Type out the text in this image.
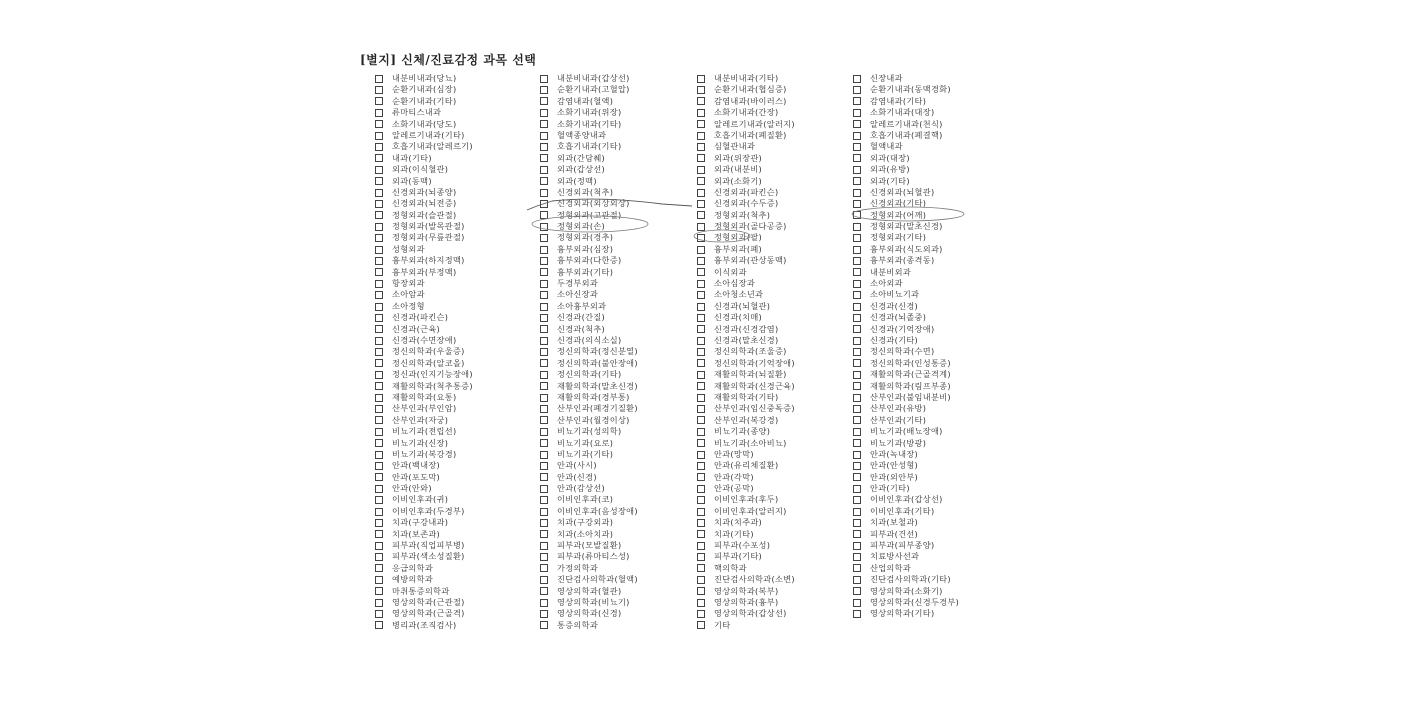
[별지] 신체/진료감정 과목 선택
내분비내과(당뇨)
순환기내과(심장)
순환기내과(기타)
류마티스내과
소화기내과(당도)
알레르기내과(기타)
호흡기내과(알레르기)
내과(기타)
외과(이식혈관)
외과(동맥)
신경외과(뇌종양)
신경외과(뇌전증)
정형외과(슬관절)
정형외과(발목관절)
정형외과(무릎관절)
성형외과
흉부외과(하지정맥)
흉부외과(부정맥)
항장외과
소아암과
소아정형
신경과(파킨슨)
신경과(근육)
신경과(수면장애)
정신의학과(우울증)
정신의학과(알코올)
정신과(인지기능장애)
재활의학과(척추통증)
재활의학과(요통)
산부인과(부인암)
산부인과(자궁)
비뇨기과(전립선)
비뇨기과(신장)
비뇨기과(복강경)
안과(백내장)
안과(포도막)
안과(안와)
이비인후과(귀)
이비인후과(두경부)
치과(구강내과)
치과(보존과)
피부과(직업피부병)
피부과(색소성질환)
응급의학과
예방의학과
마취통증의학과
영상의학과(근관절)
영상의학과(근골격)
병리과(조직검사)
내분비내과(갑상선)
순환기내과(고혈압)
감염내과(혈액)
소화기내과(위장)
소화기내과(기타)
혈액종양내과
호흡기내과(기타)
외과(간담췌)
외과(갑상선)
외과(정맥)
신경외과(척추)
신경외과(외상외상)
정형외과(고관절)
정형외과(손)
정형외과(경추)
흉부외과(심장)
흉부외과(다한증)
흉부외과(기타)
두경부외과
소아신장과
소아흉부외과
신경과(간질)
신경과(척추)
신경과(의식소실)
정신의학과(정신분열)
정신의학과(불안장애)
정신의학과(기타)
재활의학과(말초신경)
재활의학과(경부통)
산부인과(폐경기질환)
산부인과(월경이상)
비뇨기과(성의학)
비뇨기과(요로)
비뇨기과(기타)
안과(사시)
안과(신경)
안과(감상선)
이비인후과(코)
이비인후과(음성장애)
치과(구강외과)
치과(소아치과)
피부과(모발질환)
피부과(류마티스성)
가정의학과
진단검사의학과(혈액)
영상의학과(혈관)
영상의학과(비뇨기)
영상의학과(신경)
통증의학과
내분비내과(기타)
순환기내과(협심증)
감염내과(바이러스)
소화기내과(간장)
알레르기내과(알러지)
호흡기내과(폐질환)
심혈관내과
외과(위장관)
외과(내분비)
외과(소화기)
신경외과(파킨슨)
신경외과(수두증)
정형외과(척추)
정형외과(골다공증)
정형외과(팔)
흉부외과(폐)
흉부외과(관상동맥)
이식외과
소아심장과
소아청소년과
신경과(뇌혈관)
신경과(치매)
신경과(신경감염)
신경과(말초신경)
정신의학과(조울증)
정신의학과(기억장애)
재활의학과(뇌질환)
재활의학과(신경근육)
재활의학과(기타)
산부인과(임신중독증)
산부인과(복강경)
비뇨기과(종양)
비뇨기과(소아비뇨)
안과(망막)
안과(유리체질환)
안과(각막)
안과(공막)
이비인후과(후두)
이비인후과(알러지)
치과(치주과)
치과(기타)
피부과(수포성)
피부과(기타)
핵의학과
진단검사의학과(소변)
영상의학과(복부)
영상의학과(흉부)
영상의학과(갑상선)
기타
신장내과
순환기내과(동맥경화)
감염내과(기타)
소화기내과(대장)
알레르기내과(천식)
호흡기내과(폐결핵)
혈액내과
외과(대장)
외과(유방)
외과(기타)
신경외과(뇌혈관)
신경외과(기타)
정형외과(어깨)
정형외과(말초신경)
정형외과(기타)
흉부외과(식도외과)
흉부외과(종격동)
내분비외과
소아외과
소아비뇨기과
신경과(신경)
신경과(뇌졸중)
신경과(기억장애)
신경과(기타)
정신의학과(수면)
정신의학과(인성통증)
재활의학과(근골격계)
재활의학과(림프부종)
산부인과(불임내분비)
산부인과(유방)
산부인과(기타)
비뇨기과(배뇨장애)
비뇨기과(방광)
안과(녹내장)
안과(안성형)
안과(외안부)
안과(기타)
이비인후과(갑상선)
이비인후과(기타)
치과(보철과)
피부과(건선)
피부과(피부종양)
치료방사선과
산업의학과
진단검사의학과(기타)
영상의학과(소화기)
영상의학과(신경두경부)
영상의학과(기타)
